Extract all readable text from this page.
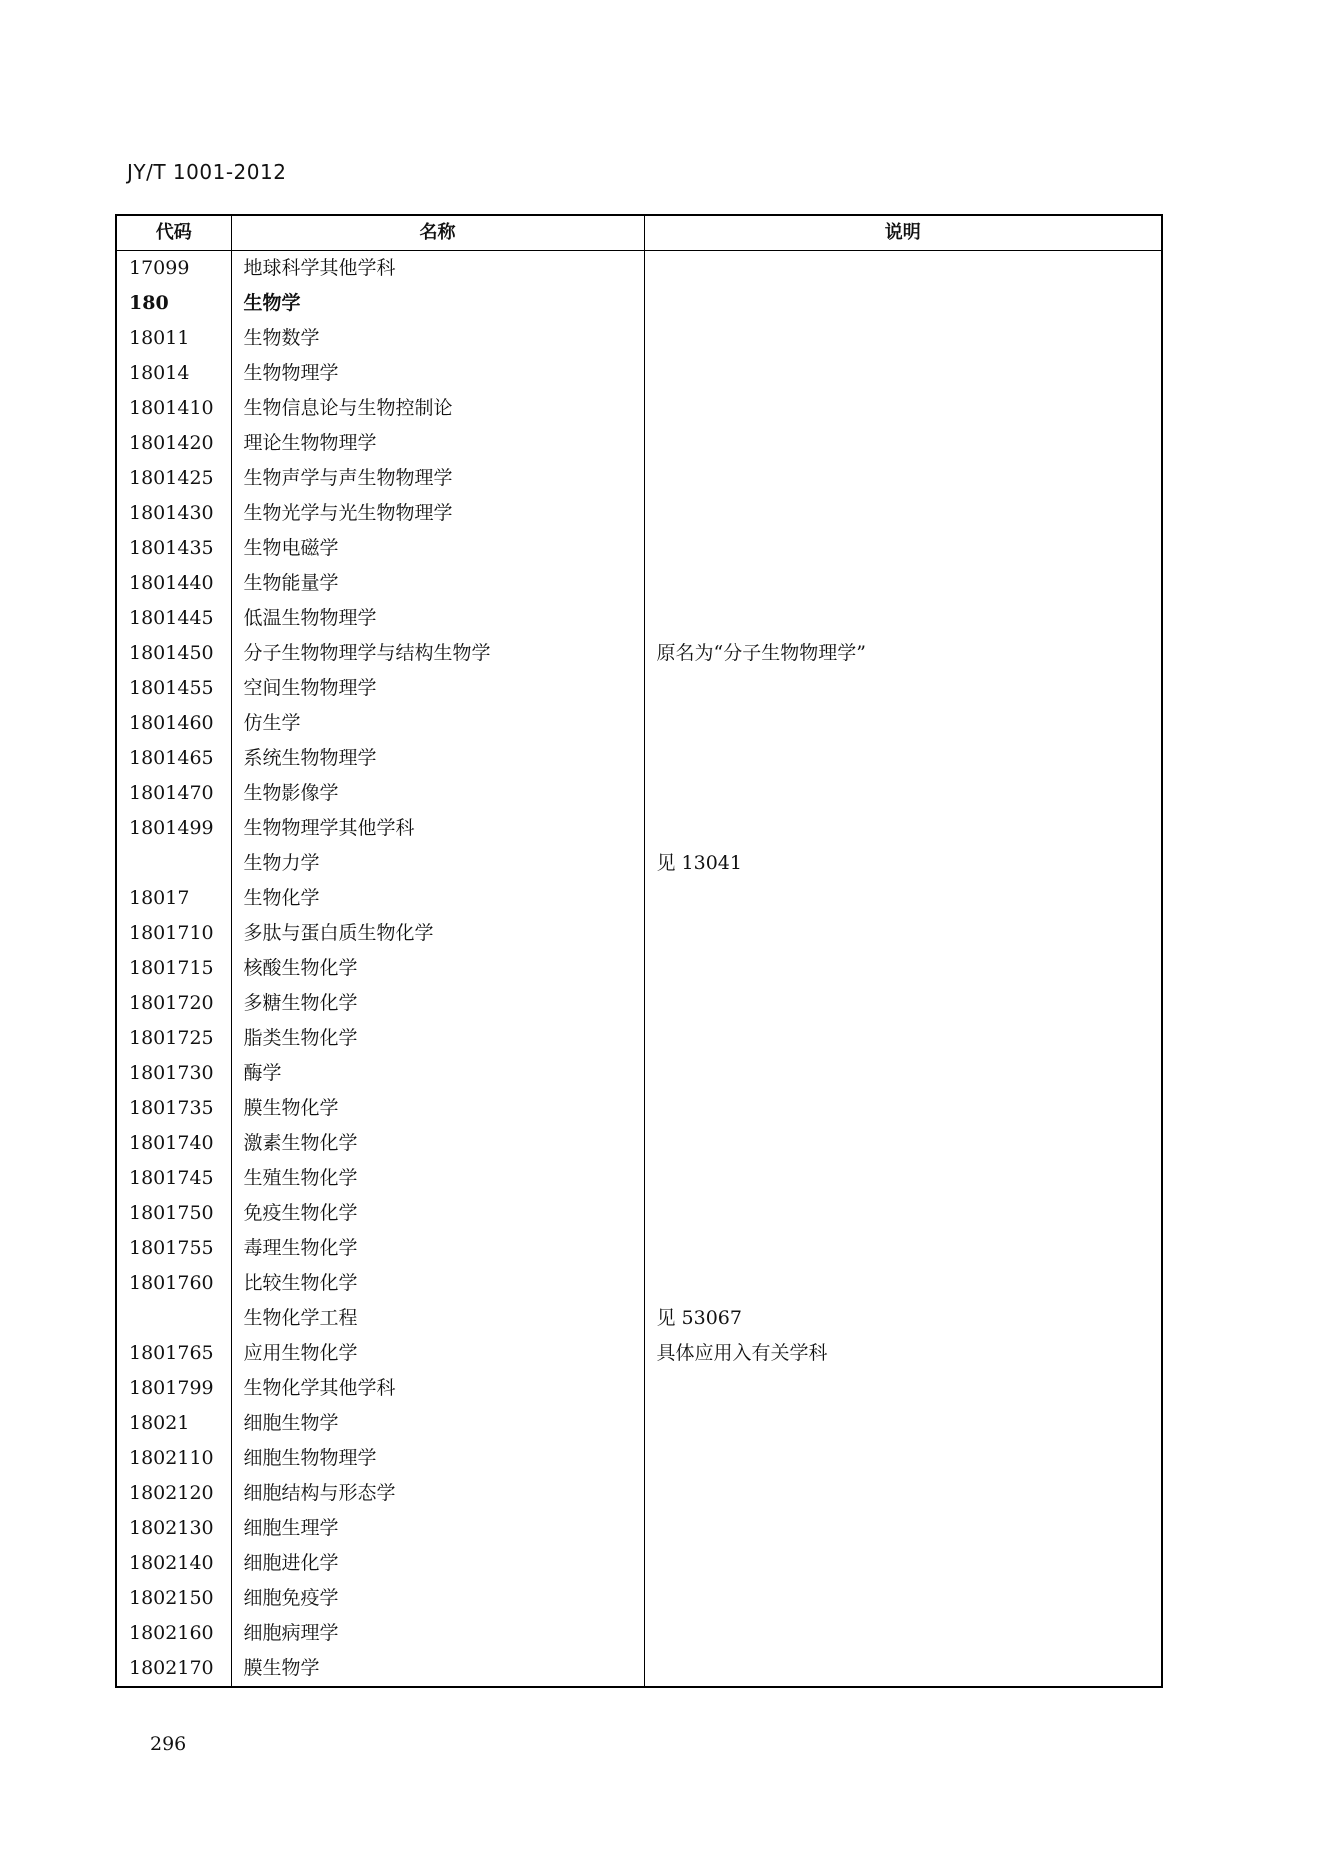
JY/T 1001-2012
代码	名称	说明
17099	地球科学其他学科	
180	生物学	
18011	生物数学	
18014	生物物理学	
1801410	生物信息论与生物控制论	
1801420	理论生物物理学	
1801425	生物声学与声生物物理学	
1801430	生物光学与光生物物理学	
1801435	生物电磁学	
1801440	生物能量学	
1801445	低温生物物理学	
1801450	分子生物物理学与结构生物学	原名为“分子生物物理学”
1801455	空间生物物理学	
1801460	仿生学	
1801465	系统生物物理学	
1801470	生物影像学	
1801499	生物物理学其他学科	
	生物力学	见 13041
18017	生物化学	
1801710	多肽与蛋白质生物化学	
1801715	核酸生物化学	
1801720	多糖生物化学	
1801725	脂类生物化学	
1801730	酶学	
1801735	膜生物化学	
1801740	激素生物化学	
1801745	生殖生物化学	
1801750	免疫生物化学	
1801755	毒理生物化学	
1801760	比较生物化学	
	生物化学工程	见 53067
1801765	应用生物化学	具体应用入有关学科
1801799	生物化学其他学科	
18021	细胞生物学	
1802110	细胞生物物理学	
1802120	细胞结构与形态学	
1802130	细胞生理学	
1802140	细胞进化学	
1802150	细胞免疫学	
1802160	细胞病理学	
1802170	膜生物学	
296
